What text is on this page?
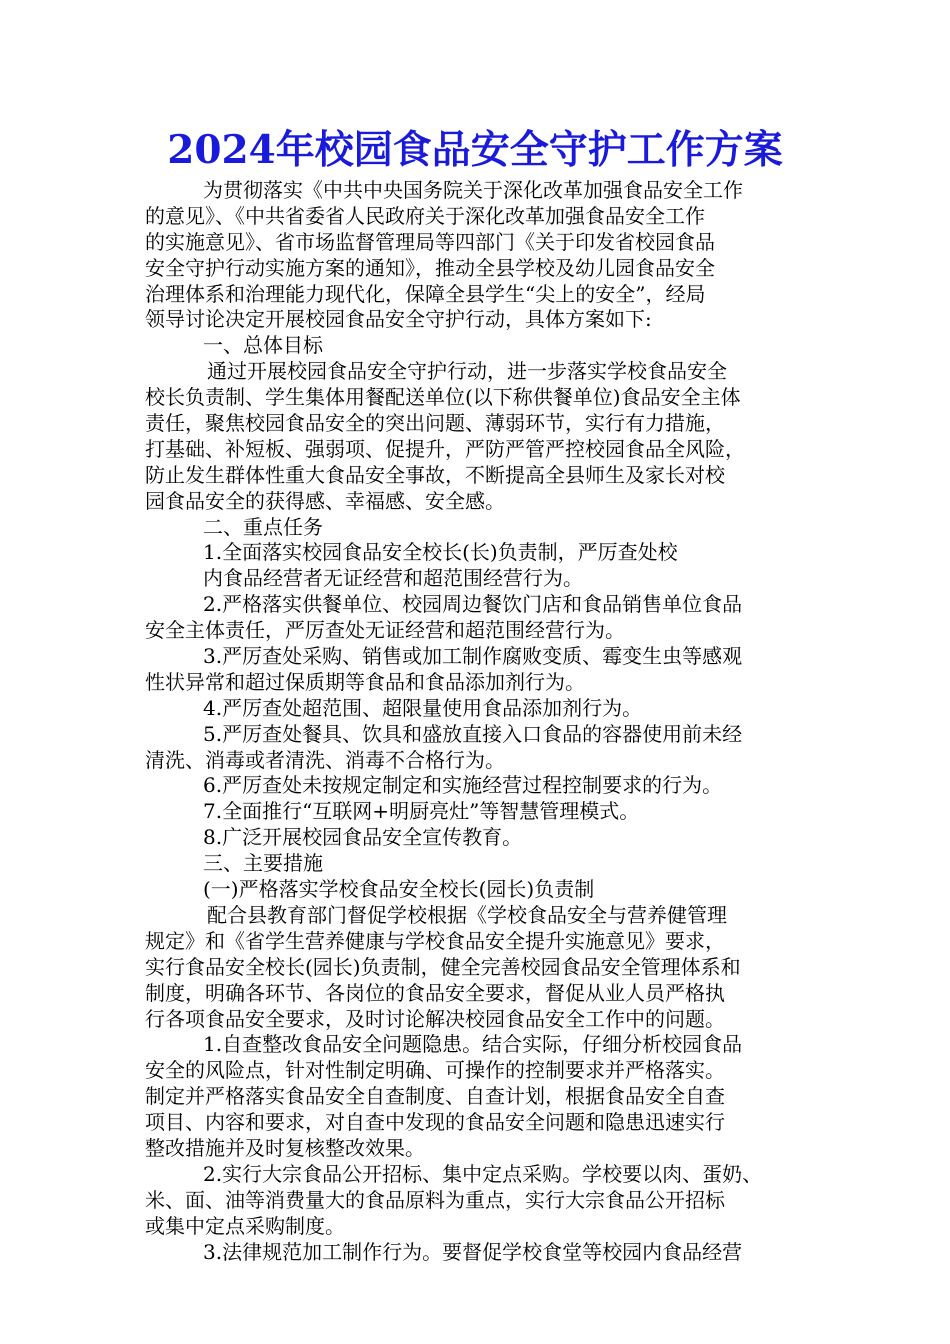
2024年校园食品安全守护工作方案
为贯彻落实《中共中央国务院关于深化改革加强食品安全工作
的意见》、《中共省委省人民政府关于深化改革加强食品安全工作
的实施意见》、省市场监督管理局等四部门《关于印发省校园食品
安全守护行动实施方案的通知》，推动全县学校及幼儿园食品安全
治理体系和治理能力现代化，保障全县学生“尖上的安全”，经局
领导讨论决定开展校园食品安全守护行动，具体方案如下:
一、总体目标
通过开展校园食品安全守护行动，进一步落实学校食品安全
校长负责制、学生集体用餐配送单位(以下称供餐单位)食品安全主体
责任，聚焦校园食品安全的突出问题、薄弱环节，实行有力措施，
打基础、补短板、强弱项、促提升，严防严管严控校园食品全风险，
防止发生群体性重大食品安全事故，不断提高全县师生及家长对校
园食品安全的获得感、幸福感、安全感。
二、重点任务
1.全面落实校园食品安全校长(长)负责制，严厉查处校
内食品经营者无证经营和超范围经营行为。
2.严格落实供餐单位、校园周边餐饮门店和食品销售单位食品
安全主体责任，严厉查处无证经营和超范围经营行为。
3.严厉查处采购、销售或加工制作腐败变质、霉变生虫等感观
性状异常和超过保质期等食品和食品添加剂行为。
4.严厉查处超范围、超限量使用食品添加剂行为。
5.严厉查处餐具、饮具和盛放直接入口食品的容器使用前未经
清洗、消毒或者清洗、消毒不合格行为。
6.严厉查处未按规定制定和实施经营过程控制要求的行为。
7.全面推行“互联网+明厨亮灶”等智慧管理模式。
8.广泛开展校园食品安全宣传教育。
三、主要措施
(一)严格落实学校食品安全校长(园长)负责制
配合县教育部门督促学校根据《学校食品安全与营养健管理
规定》和《省学生营养健康与学校食品安全提升实施意见》要求，
实行食品安全校长(园长)负责制，健全完善校园食品安全管理体系和
制度，明确各环节、各岗位的食品安全要求，督促从业人员严格执
行各项食品安全要求，及时讨论解决校园食品安全工作中的问题。
1.自查整改食品安全问题隐患。结合实际，仔细分析校园食品
安全的风险点，针对性制定明确、可操作的控制要求并严格落实。
制定并严格落实食品安全自查制度、自查计划，根据食品安全自查
项目、内容和要求，对自查中发现的食品安全问题和隐患迅速实行
整改措施并及时复核整改效果。
2.实行大宗食品公开招标、集中定点采购。学校要以肉、蛋奶、
米、面、油等消费量大的食品原料为重点，实行大宗食品公开招标
或集中定点采购制度。
3.法律规范加工制作行为。要督促学校食堂等校园内食品经营
